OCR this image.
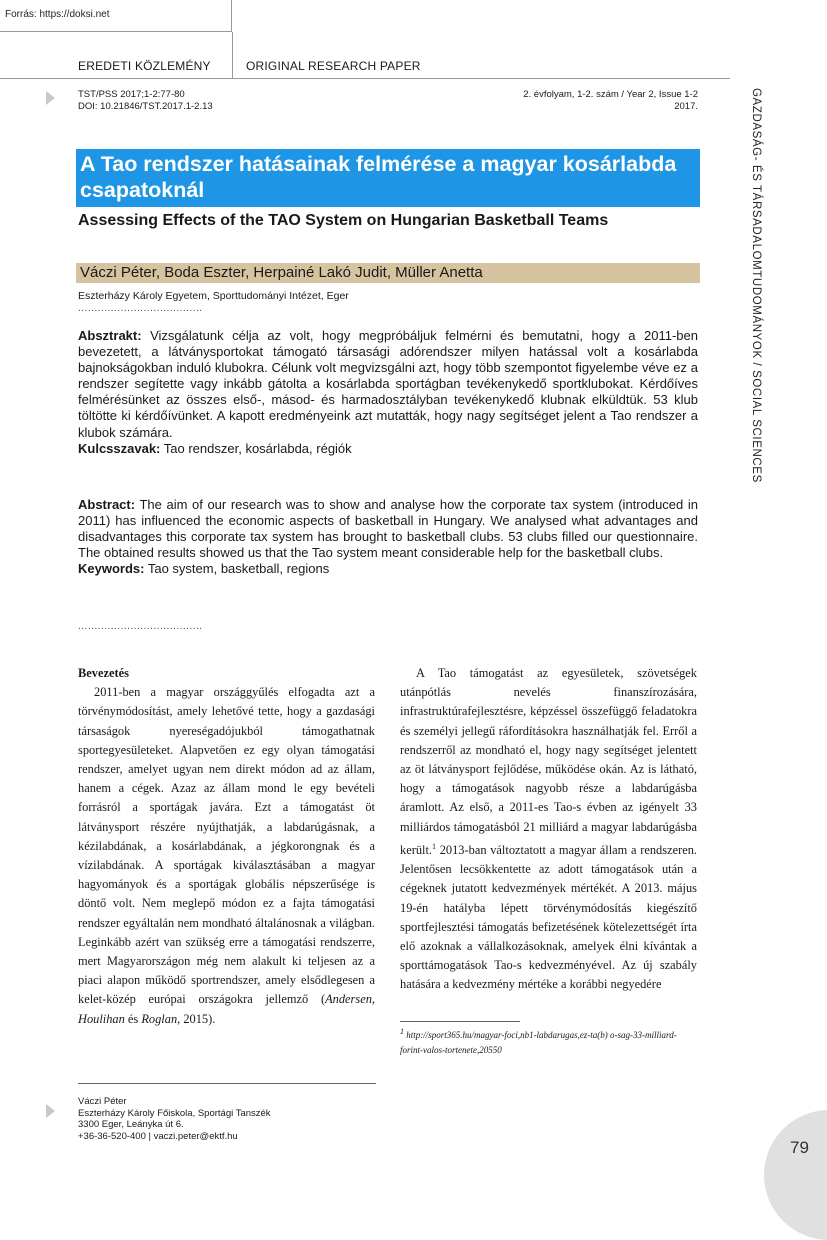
Forrás: https://doksi.net
EREDETI KÖZLEMÉNY	ORIGINAL RESEARCH PAPER
TST/PSS 2017;1-2:77-80
DOI: 10.21846/TST.2017.1-2.13
2. évfolyam, 1-2. szám / Year 2, Issue 1-2
2017.	GAZDASÁG- ÉS TÁRSADALOMTUDOMÁNYOK / SOCIAL SCIENCES
A Tao rendszer hatásainak felmérése a magyar kosárlabda csapatoknál
Assessing Effects of the TAO System on Hungarian Basketball Teams
Váczi Péter, Boda Eszter, Herpainé Lakó Judit, Müller Anetta
Eszterházy Károly Egyetem, Sporttudományi Intézet, Eger
......................................
Absztrakt: Vizsgálatunk célja az volt, hogy megpróbáljuk felmérni és bemutatni, hogy a 2011-ben bevezetett, a látványsportokat támogató társasági adórendszer milyen hatással volt a kosárlabda bajnokságokban induló klubokra. Célunk volt megvizsgálni azt, hogy több szempontot figyelembe véve ez a rendszer segítette vagy inkább gátolta a kosárlabda sportágban tevékenykedő sportklubokat. Kérdőíves felmérésünket az összes első-, másod- és harmadosztályban tevékenykedő klubnak elküldtük. 53 klub töltötte ki kérdőívünket. A kapott eredményeink azt mutatták, hogy nagy segítséget jelent a Tao rendszer a klubok számára.
Kulcsszavak: Tao rendszer, kosárlabda, régiók
Abstract: The aim of our research was to show and analyse how the corporate tax system (introduced in 2011) has influenced the economic aspects of basketball in Hungary. We analysed what advantages and disadvantages this corporate tax system has brought to basketball clubs. 53 clubs filled our questionnaire. The obtained results showed us that the Tao system meant considerable help for the basketball clubs.
Keywords: Tao system, basketball, regions
......................................

Bevezetés

2011-ben a magyar országgyűlés elfogadta azt a törvénymódosítást, amely lehetővé tette, hogy a gazdasági társaságok nyereségadójukból támogathatnak sportegyesületeket. Alapvetően ez egy olyan támogatási rendszer, amelyet ugyan nem direkt módon ad az állam, hanem a cégek. Azaz az állam mond le egy bevételi forrásról a sportágak javára. Ezt a támogatást öt látványsport részére nyújthatják, a labdarúgásnak, a kézilabdának, a kosárlabdának, a jégkorongnak és a vízilabdának. A sportágak kiválasztásában a magyar hagyományok és a sportágak globális népszerűsége is döntő volt. Nem meglepő módon ez a fajta támogatási rendszer egyáltalán nem mondható általánosnak a világban. Leginkább azért van szükség erre a támogatási rendszerre, mert Magyarországon még nem alakult ki teljesen az a piaci alapon működő sportrendszer, amely elsődlegesen a kelet-közép európai országokra jellemző (Andersen, Houlihan és Roglan, 2015).

A Tao támogatást az egyesületek, szövetségek utánpótlás nevelés finanszírozására, infrastruktúrafejlesztésre, képzéssel összefüggő feladatokra és személyi jellegű ráfordításokra használhatják fel. Erről a rendszerről az mondható el, hogy nagy segítséget jelentett az öt látványsport fejlődése, működése okán. Az is látható, hogy a támogatások nagyobb része a labdarúgásba áramlott. Az első, a 2011-es Tao-s évben az igényelt 33 milliárdos támogatásból 21 milliárd a magyar labdarúgásba került.$^1$ 2013-ban változtatott a magyar állam a rendszeren. Jelentősen lecsökkentette az adott támogatások után a cégeknek jutatott kedvezmények mértékét. A 2013. május 19-én hatályba lépett törvénymódosítás kiegészítő sportfejlesztési támogatás befizetésének kötelezettségét írta elő azoknak a vállalkozásoknak, amelyek élni kívántak a sporttámogatások Tao-s kedvezményével. Az új szabály hatására a kedvezmény mértéke a korábbi negyedére

$^1$ http://sport365.hu/magyar-foci,nb1-labdarugas,ez-ta(b) o-sag-33-milliard-forint-valos-tortenete,20550
Váczi Péter
Eszterházy Károly Főiskola, Sportági Tanszék
3300 Eger, Leányka út 6.
+36-36-520-400 | vaczi.peter@ektf.hu
79
